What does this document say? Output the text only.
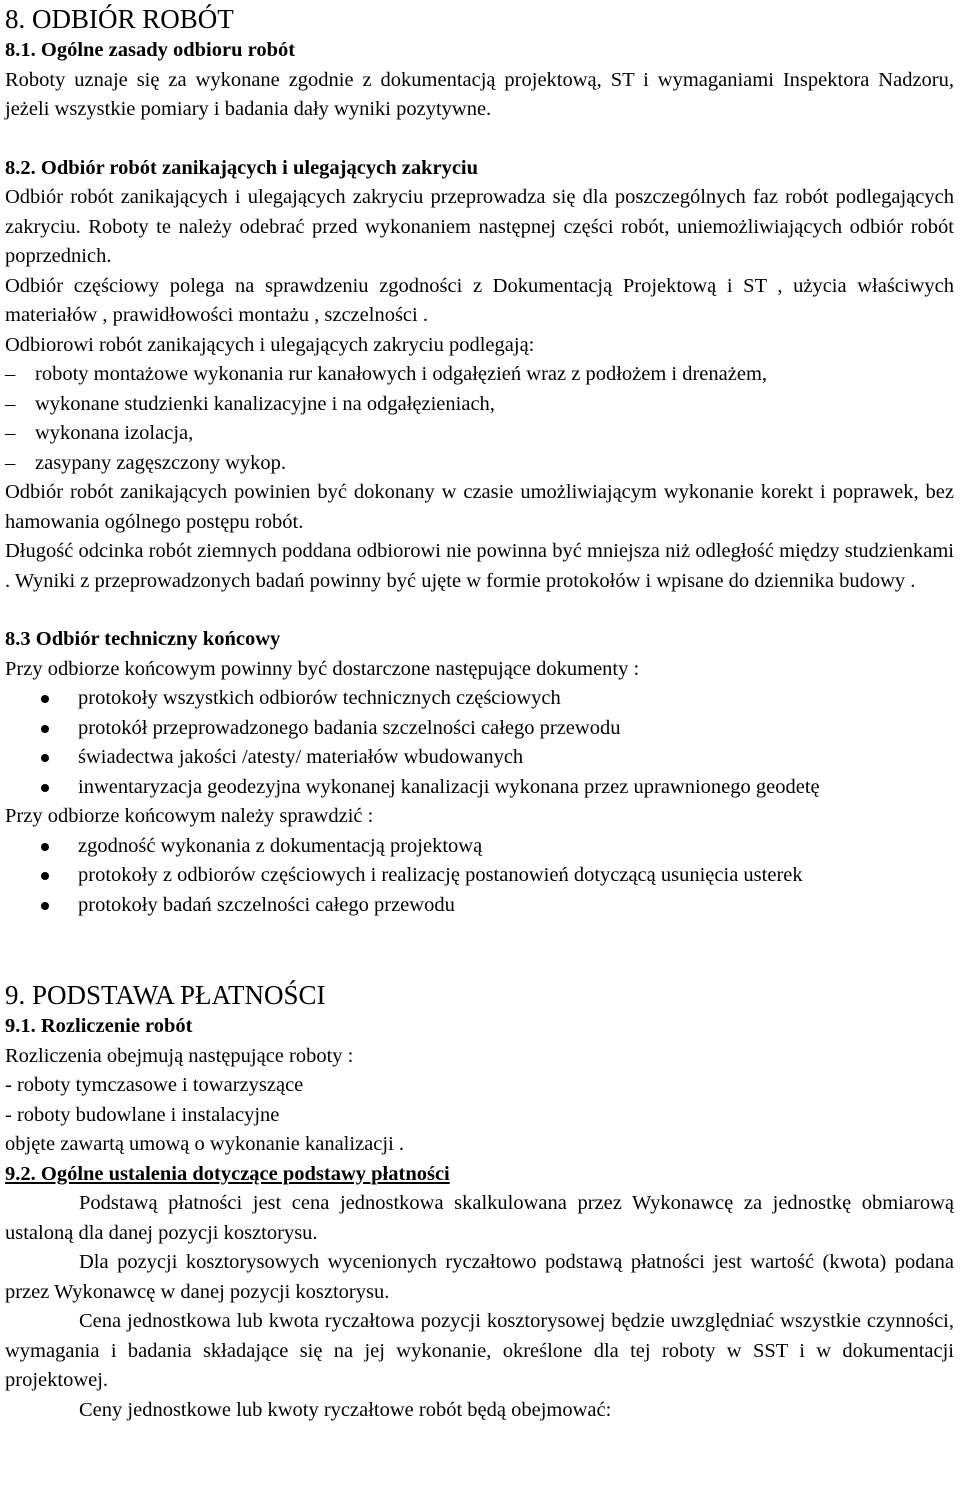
8. ODBIÓR ROBÓT
8.1. Ogólne zasady odbioru robót

Roboty uznaje się za wykonane zgodnie z dokumentacją projektową, ST i wymaganiami Inspektora Nadzoru, jeżeli wszystkie pomiary i badania dały wyniki pozytywne.

8.2. Odbiór robót zanikających i ulegających zakryciu

Odbiór robót zanikających i ulegających zakryciu przeprowadza się dla poszczególnych faz robót podlegających zakryciu. Roboty te należy odebrać przed wykonaniem następnej części robót, uniemożliwiających odbiór robót poprzednich.

Odbiór częściowy polega na sprawdzeniu zgodności z Dokumentacją Projektową i ST , użycia właściwych materiałów , prawidłowości montażu , szczelności .

Odbiorowi robót zanikających i ulegających zakryciu podlegają:

– roboty montażowe wykonania rur kanałowych i odgałęzień wraz z podłożem i drenażem,
– wykonane studzienki kanalizacyjne i na odgałęzieniach,
– wykonana izolacja,
– zasypany zagęszczony wykop.

Odbiór robót zanikających powinien być dokonany w czasie umożliwiającym wykonanie korekt i poprawek, bez hamowania ogólnego postępu robót.

Długość odcinka robót ziemnych poddana odbiorowi nie powinna być mniejsza niż odległość między studzienkami . Wyniki z przeprowadzonych badań powinny być ujęte w formie protokołów i wpisane do dziennika budowy .

8.3 Odbiór techniczny końcowy

Przy odbiorze końcowym powinny być dostarczone następujące dokumenty :

protokoły wszystkich odbiorów technicznych częściowych
protokół przeprowadzonego badania szczelności całego przewodu
świadectwa jakości /atesty/ materiałów wbudowanych
inwentaryzacja geodezyjna wykonanej kanalizacji wykonana przez uprawnionego geodetę

Przy odbiorze końcowym należy sprawdzić :

zgodność wykonania z dokumentacją projektową
protokoły z odbiorów częściowych i realizację postanowień dotyczącą usunięcia usterek
protokoły badań szczelności całego przewodu
9. PODSTAWA PŁATNOŚCI
9.1. Rozliczenie robót

Rozliczenia obejmują następujące roboty :

- roboty tymczasowe i towarzyszące
- roboty budowlane i instalacyjne

objęte zawartą umową o wykonanie kanalizacji .

9.2. Ogólne ustalenia dotyczące podstawy płatności

Podstawą płatności jest cena jednostkowa skalkulowana przez Wykonawcę za jednostkę obmiarową ustaloną dla danej pozycji kosztorysu.

Dla pozycji kosztorysowych wycenionych ryczałtowo podstawą płatności jest wartość (kwota) podana przez Wykonawcę w danej pozycji kosztorysu.

Cena jednostkowa lub kwota ryczałtowa pozycji kosztorysowej będzie uwzględniać wszystkie czynności, wymagania i badania składające się na jej wykonanie, określone dla tej roboty w SST i w dokumentacji projektowej.

Ceny jednostkowe lub kwoty ryczałtowe robót będą obejmować:
